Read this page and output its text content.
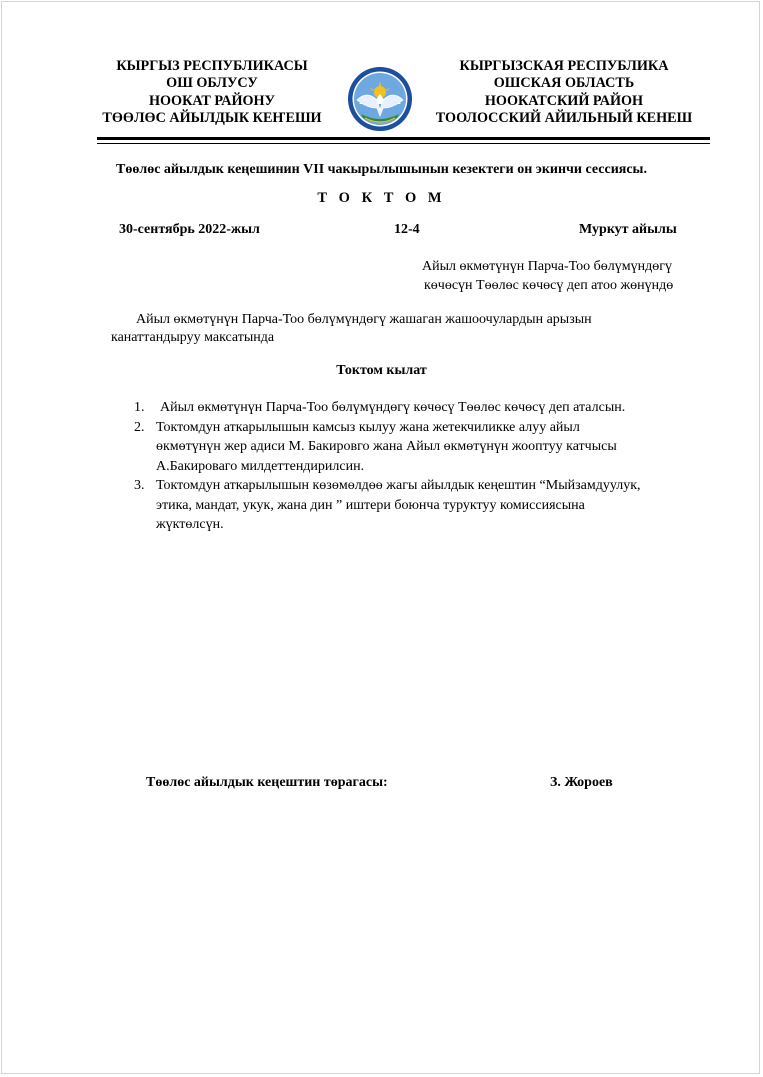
КЫРГЫЗ РЕСПУБЛИКАСЫ
ОШ ОБЛУСУ
НООКАТ РАЙОНУ
ТӨӨЛӨС АЙЫЛДЫК КЕҤЕШИ
КЫРГЫЗСКАЯ РЕСПУБЛИКА
ОШСКАЯ ОБЛАСТЬ
НООКАТСКИЙ РАЙОН
ТООЛОССКИЙ АЙИЛЬНЫЙ КЕНЕШ
Төөлөс айылдык кеңешинин VII чакырылышынын кезектеги он экинчи сессиясы.
Т О К Т О М
30-сентябрь 2022-жыл	12-4	Муркут айылы
Айыл өкмөтүнүн Парча-Тоо бөлүмүндөгү
көчөсүн Төөлөс көчөсү деп атоо жөнүндө
Айыл өкмөтүнүн Парча-Тоо бөлүмүндөгү жашаган жашоочулардын арызын
канаттандыруу максатында
Токтом кылат
1. Айыл өкмөтүнүн Парча-Тоо бөлүмүндөгү көчөсү Төөлөс көчөсү деп аталсын.
2. Токтомдун аткарылышын камсыз кылуу жана жетекчиликке алуу айыл
өкмөтүнүн жер адиси М. Бакировго жана Айыл өкмөтүнүн жооптуу катчысы
А.Бакироваго милдеттендирилсин.
3. Токтомдун аткарылышын көзөмөлдөө жагы айылдык кеңештин “Мыйзамдуулук,
этика, мандат, укук, жана дин ” иштери боюнча туруктуу комиссиясына
жүктөлсүн.
Төөлөс айылдык кеңештин төрагасы:	З. Жороев
